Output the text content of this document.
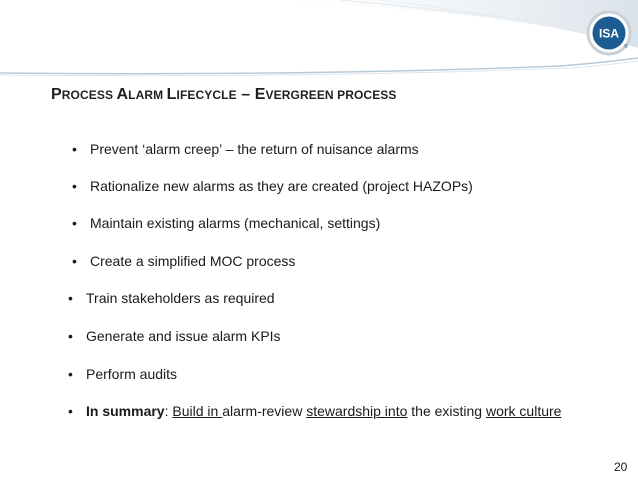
ISA
®
PROCESS ALARM LIFECYCLE – EVERGREEN PROCESS
• Prevent ‘alarm creep’ – the return of nuisance alarms
• Rationalize new alarms as they are created (project HAZOPs)
• Maintain existing alarms (mechanical, settings)
• Create a simplified MOC process
• Train stakeholders as required
• Generate and issue alarm KPIs
• Perform audits
• In summary: Build in alarm-review stewardship into the existing work culture
20
